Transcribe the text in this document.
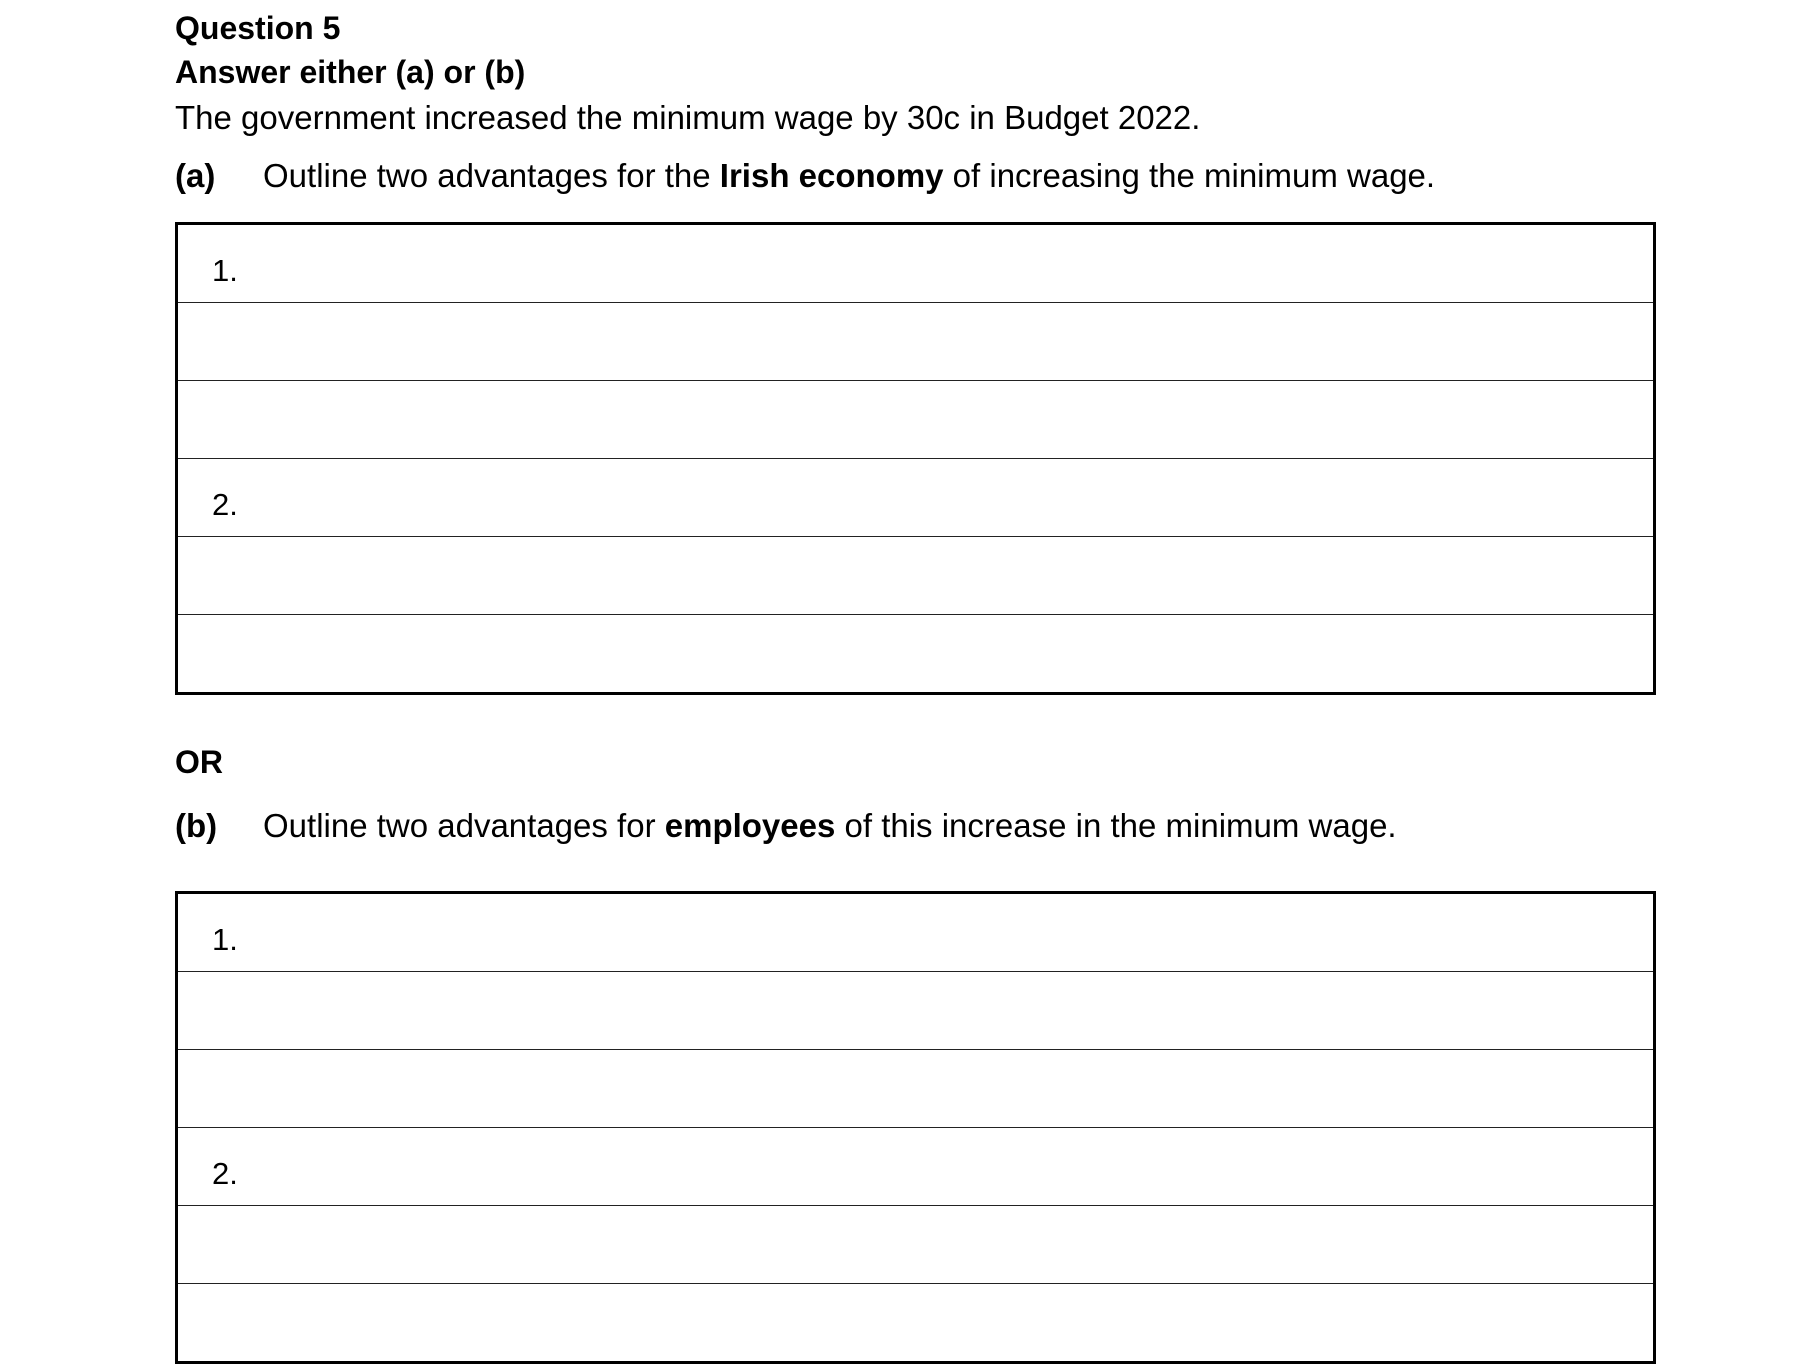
Question 5
Answer either (a) or (b)
The government increased the minimum wage by 30c in Budget 2022.
(a) Outline two advantages for the Irish economy of increasing the minimum wage.
1.
2.
OR
(b) Outline two advantages for employees of this increase in the minimum wage.
1.
2.
